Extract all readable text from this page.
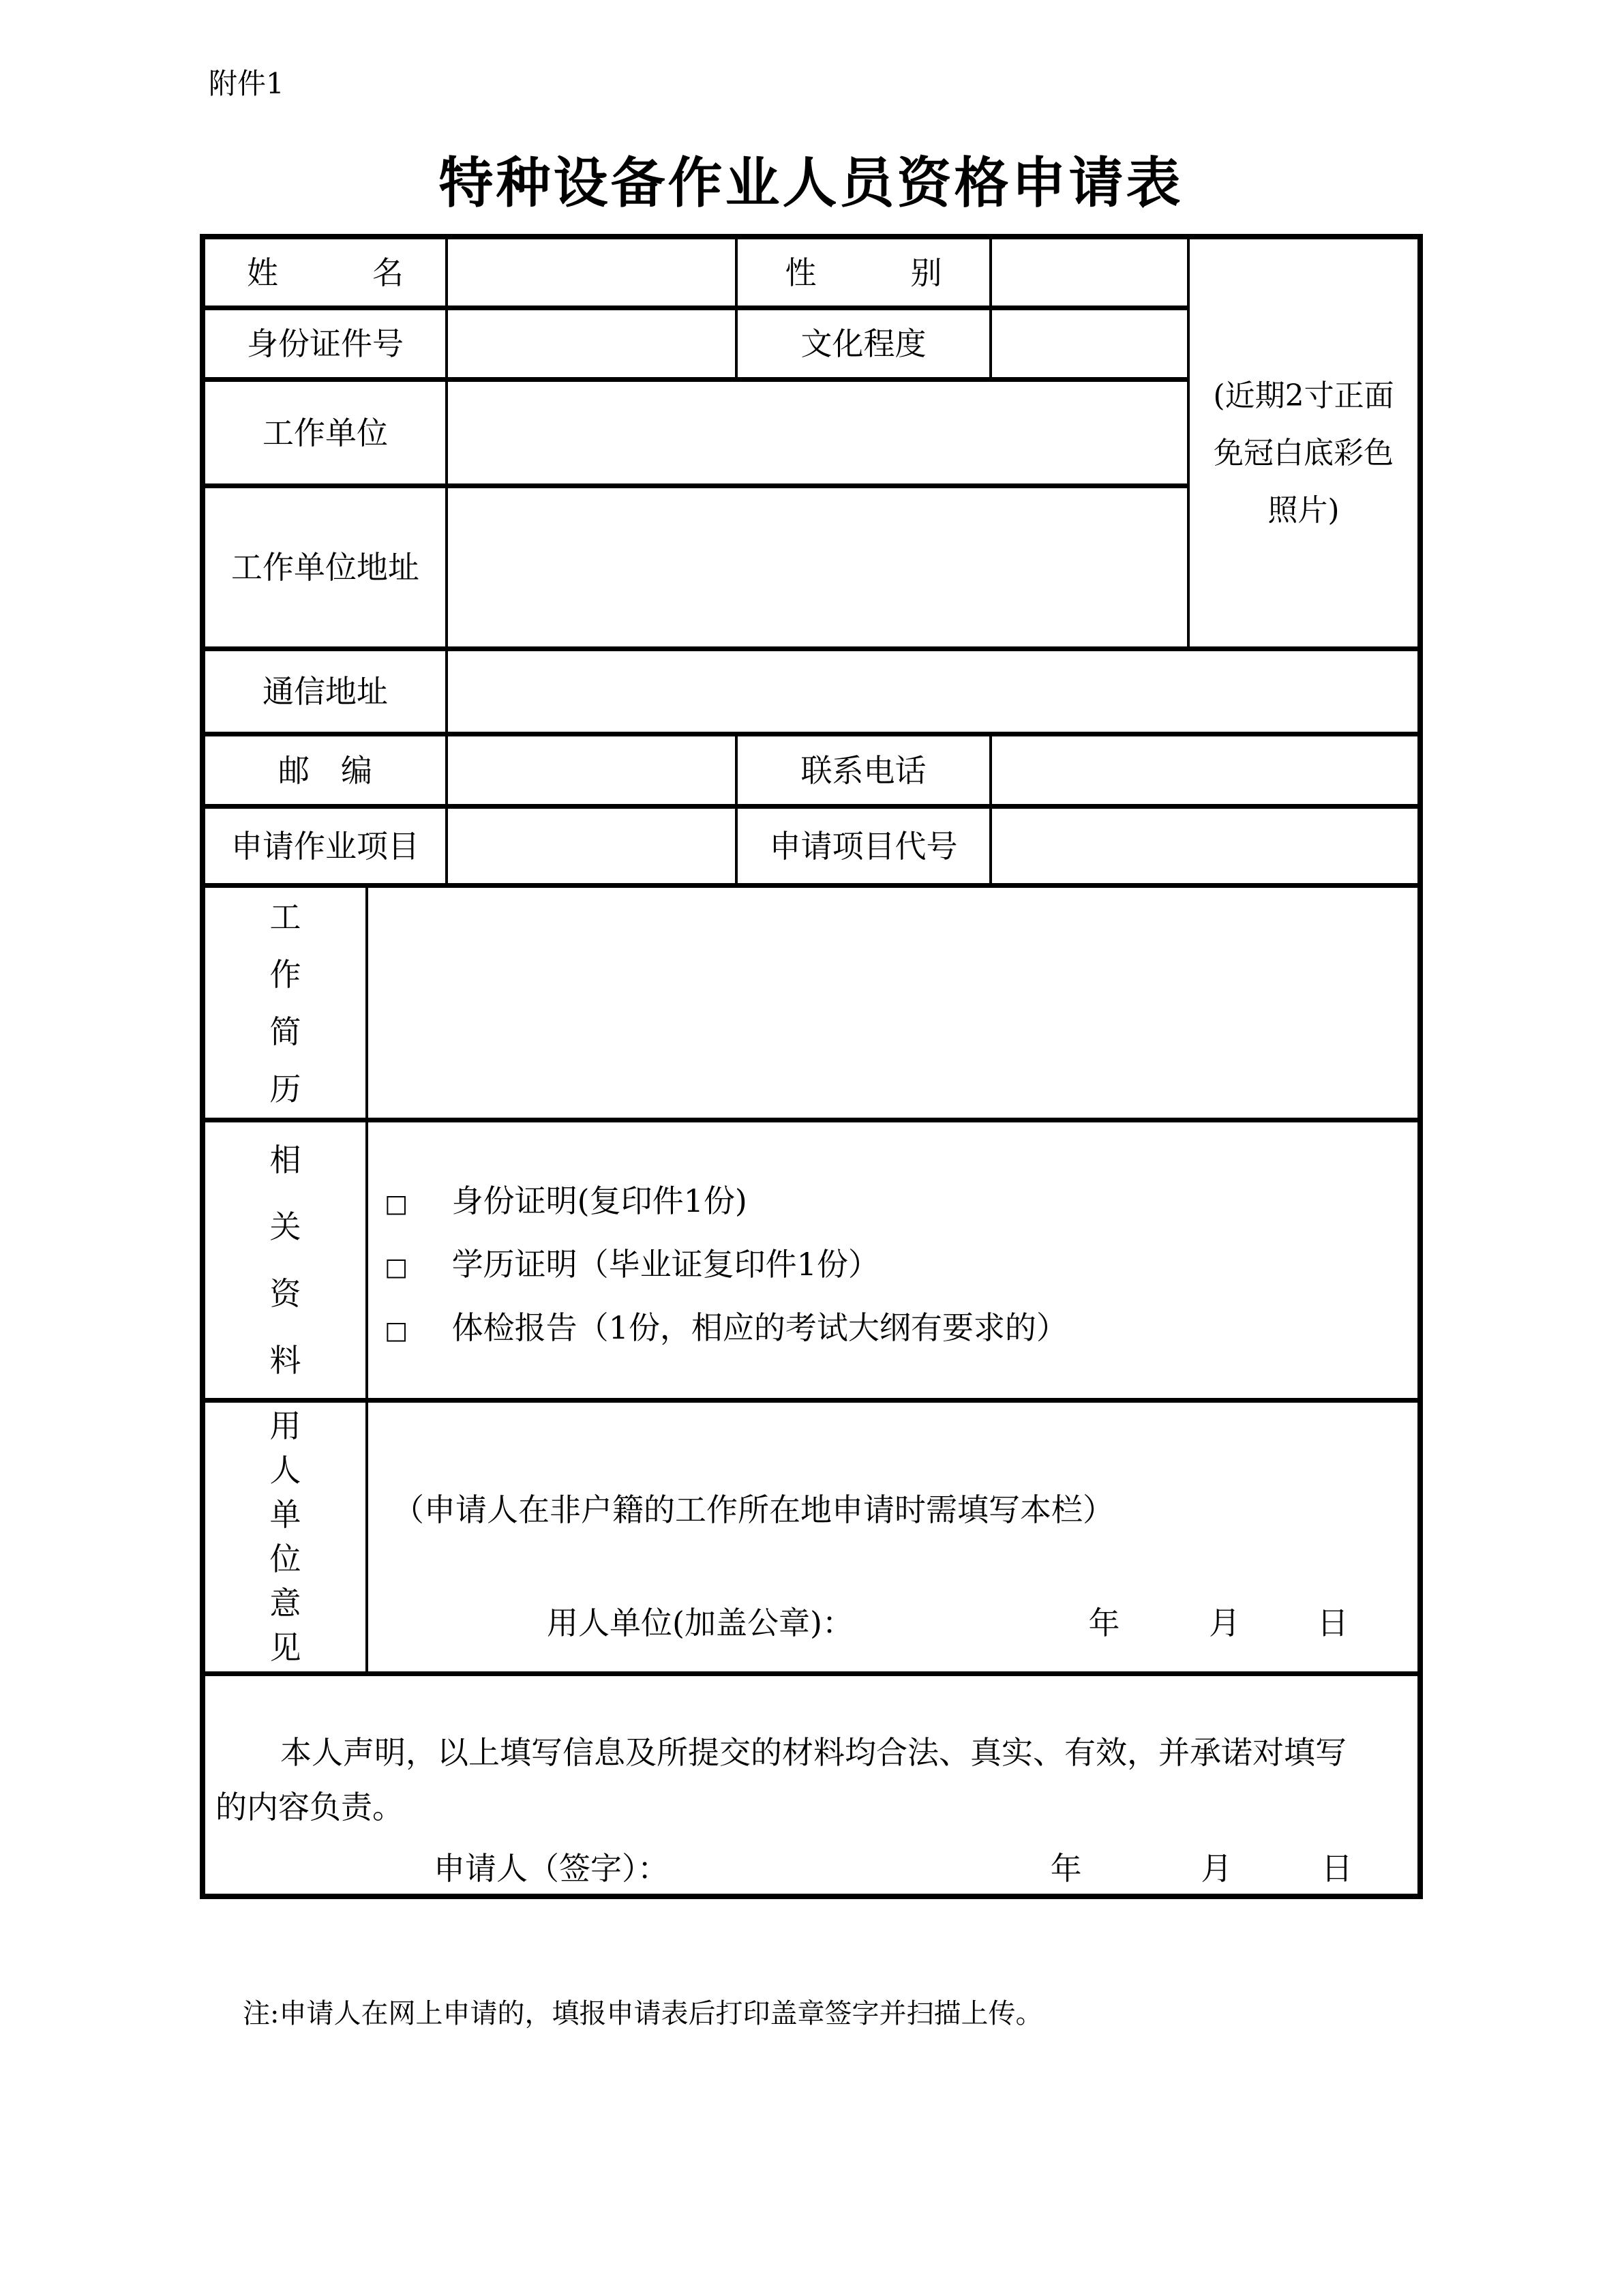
附件1
特种设备作业人员资格申请表
姓　　　名	性　　　别
(近期2寸正面
免冠白底彩色
照片)
身份证件号	文化程度
工作单位
工作单位地址
通信地址
邮　编	联系电话
申请作业项目	申请项目代号
工作简历
相关资料
□ 身份证明(复印件1份)
□ 学历证明（毕业证复印件1份）
□ 体检报告（1份，相应的考试大纲有要求的）
用人单位意见
（申请人在非户籍的工作所在地申请时需填写本栏）
用人单位(加盖公章)：	年	月 日

本人声明，以上填写信息及所提交的材料均合法、真实、有效，并承诺对填写

的内容负责。

申请人（签字）：	年	月	日
注:申请人在网上申请的，填报申请表后打印盖章签字并扫描上传。
